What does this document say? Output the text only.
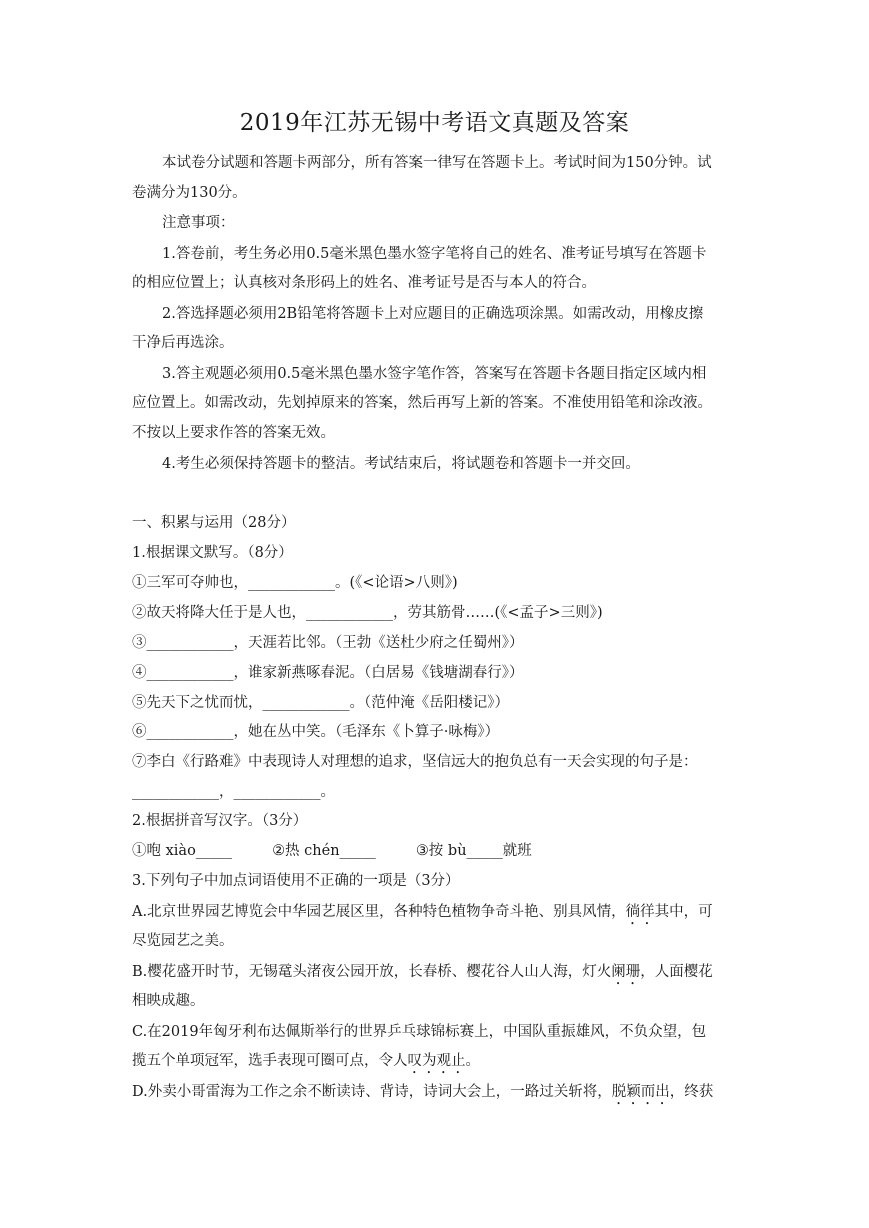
2019年江苏无锡中考语文真题及答案
本试卷分试题和答题卡两部分，所有答案一律写在答题卡上。考试时间为150分钟。试
卷满分为130分。
注意事项：
1.答卷前，考生务必用0.5毫米黑色墨水签字笔将自己的姓名、准考证号填写在答题卡
的相应位置上；认真核对条形码上的姓名、准考证号是否与本人的符合。
2.答选择题必须用2B铅笔将答题卡上对应题目的正确选项涂黑。如需改动，用橡皮擦
干净后再选涂。
3.答主观题必须用0.5毫米黑色墨水签字笔作答，答案写在答题卡各题目指定区域内相
应位置上。如需改动，先划掉原来的答案，然后再写上新的答案。不准使用铅笔和涂改液。
不按以上要求作答的答案无效。
4.考生必须保持答题卡的整洁。考试结束后，将试题卷和答题卡一并交回。
一、积累与运用（28分）
1.根据课文默写。（8分）
①三军可夺帅也，____________。(《<论语>八则》)
②故天将降大任于是人也，____________，劳其筋骨……(《<孟子>三则》)
③____________，天涯若比邻。（王勃《送杜少府之任蜀州》）
④____________，谁家新燕啄春泥。（白居易《钱塘湖春行》）
⑤先天下之忧而忧，____________。（范仲淹《岳阳楼记》）
⑥____________，她在丛中笑。（毛泽东《卜算子·咏梅》）
⑦李白《行路难》中表现诗人对理想的追求，坚信远大的抱负总有一天会实现的句子是：
____________，____________。
2.根据拼音写汉字。（3分）
①咆 xiào_____	②热 chén_____	③按 bù_____就班
3.下列句子中加点词语使用不正确的一项是（3分）
A.北京世界园艺博览会中华园艺展区里，各种特色植物争奇斗艳、别具风情，徜徉其中，可
尽览园艺之美。
B.樱花盛开时节，无锡鼋头渚夜公园开放，长春桥、樱花谷人山人海，灯火阑珊，人面樱花
相映成趣。
C.在2019年匈牙利布达佩斯举行的世界乒乓球锦标赛上，中国队重振雄风，不负众望，包
揽五个单项冠军，选手表现可圈可点，令人叹为观止。
D.外卖小哥雷海为工作之余不断读诗、背诗，诗词大会上，一路过关斩将，脱颖而出，终获
